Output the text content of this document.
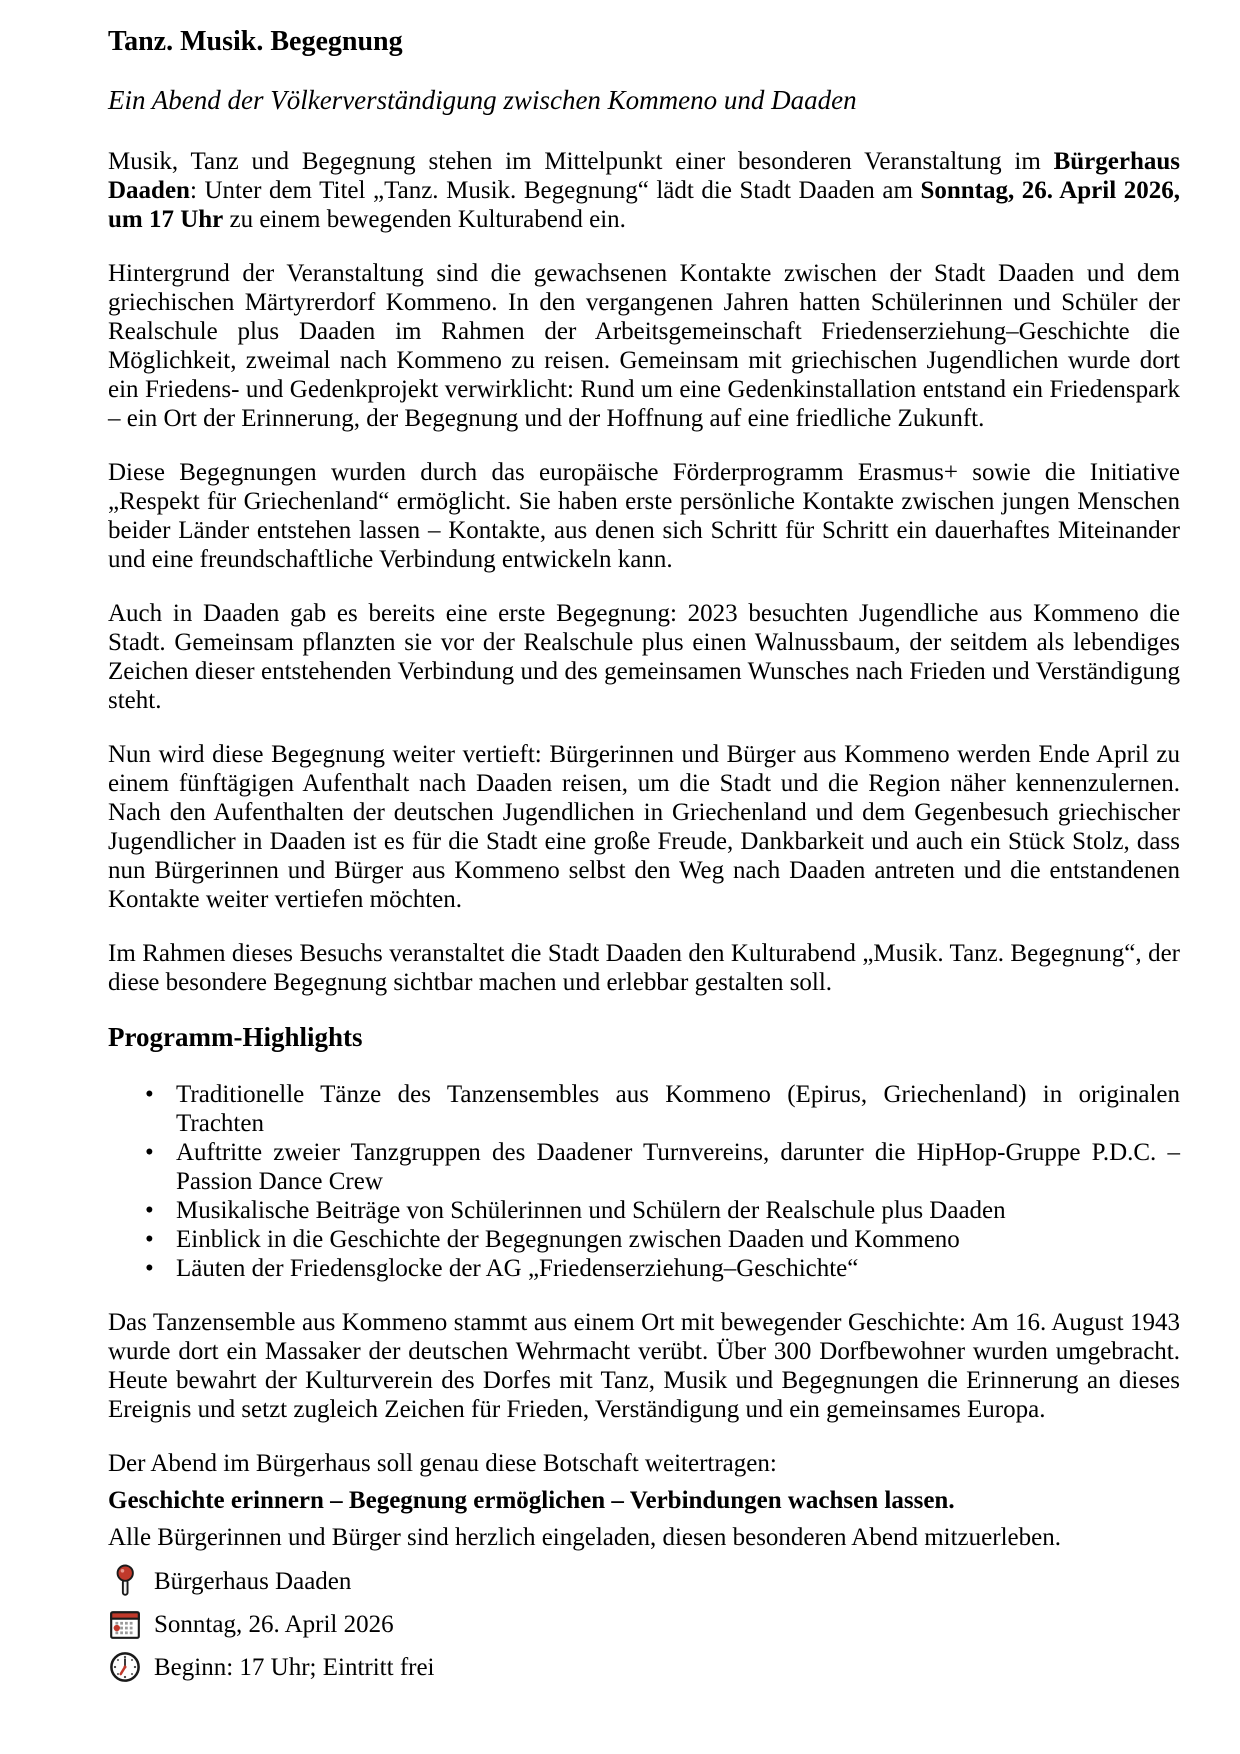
Tanz. Musik. Begegnung

Ein Abend der Völkerverständigung zwischen Kommeno und Daaden

Musik, Tanz und Begegnung stehen im Mittelpunkt einer besonderen Veranstaltung im Bürgerhaus Daaden: Unter dem Titel „Tanz. Musik. Begegnung“ lädt die Stadt Daaden am Sonntag, 26. April 2026, um 17 Uhr zu einem bewegenden Kulturabend ein.

Hintergrund der Veranstaltung sind die gewachsenen Kontakte zwischen der Stadt Daaden und dem griechischen Märtyrerdorf Kommeno. In den vergangenen Jahren hatten Schülerinnen und Schüler der Realschule plus Daaden im Rahmen der Arbeitsgemeinschaft Friedenserziehung–Geschichte die Möglichkeit, zweimal nach Kommeno zu reisen. Gemeinsam mit griechischen Jugendlichen wurde dort ein Friedens- und Gedenkprojekt verwirklicht: Rund um eine Gedenkinstallation entstand ein Friedenspark – ein Ort der Erinnerung, der Begegnung und der Hoffnung auf eine friedliche Zukunft.

Diese Begegnungen wurden durch das europäische Förderprogramm Erasmus+ sowie die Initiative „Respekt für Griechenland“ ermöglicht. Sie haben erste persönliche Kontakte zwischen jungen Menschen beider Länder entstehen lassen – Kontakte, aus denen sich Schritt für Schritt ein dauerhaftes Miteinander und eine freundschaftliche Verbindung entwickeln kann.

Auch in Daaden gab es bereits eine erste Begegnung: 2023 besuchten Jugendliche aus Kommeno die Stadt. Gemeinsam pflanzten sie vor der Realschule plus einen Walnussbaum, der seitdem als lebendiges Zeichen dieser entstehenden Verbindung und des gemeinsamen Wunsches nach Frieden und Verständigung steht.

Nun wird diese Begegnung weiter vertieft: Bürgerinnen und Bürger aus Kommeno werden Ende April zu einem fünftägigen Aufenthalt nach Daaden reisen, um die Stadt und die Region näher kennenzulernen. Nach den Aufenthalten der deutschen Jugendlichen in Griechenland und dem Gegenbesuch griechischer Jugendlicher in Daaden ist es für die Stadt eine große Freude, Dankbarkeit und auch ein Stück Stolz, dass nun Bürgerinnen und Bürger aus Kommeno selbst den Weg nach Daaden antreten und die entstandenen Kontakte weiter vertiefen möchten.

Im Rahmen dieses Besuchs veranstaltet die Stadt Daaden den Kulturabend „Musik. Tanz. Begegnung“, der diese besondere Begegnung sichtbar machen und erlebbar gestalten soll.

Programm-Highlights
• Traditionelle Tänze des Tanzensembles aus Kommeno (Epirus, Griechenland) in originalen Trachten
• Auftritte zweier Tanzgruppen des Daadener Turnvereins, darunter die HipHop-Gruppe P.D.C. – Passion Dance Crew
• Musikalische Beiträge von Schülerinnen und Schülern der Realschule plus Daaden
• Einblick in die Geschichte der Begegnungen zwischen Daaden und Kommeno
• Läuten der Friedensglocke der AG „Friedenserziehung–Geschichte“

Das Tanzensemble aus Kommeno stammt aus einem Ort mit bewegender Geschichte: Am 16. August 1943 wurde dort ein Massaker der deutschen Wehrmacht verübt. Über 300 Dorfbewohner wurden umgebracht. Heute bewahrt der Kulturverein des Dorfes mit Tanz, Musik und Begegnungen die Erinnerung an dieses Ereignis und setzt zugleich Zeichen für Frieden, Verständigung und ein gemeinsames Europa.

Der Abend im Bürgerhaus soll genau diese Botschaft weitertragen:

Geschichte erinnern – Begegnung ermöglichen – Verbindungen wachsen lassen.

Alle Bürgerinnen und Bürger sind herzlich eingeladen, diesen besonderen Abend mitzuerleben.

Bürgerhaus Daaden
Sonntag, 26. April 2026
Beginn: 17 Uhr; Eintritt frei
